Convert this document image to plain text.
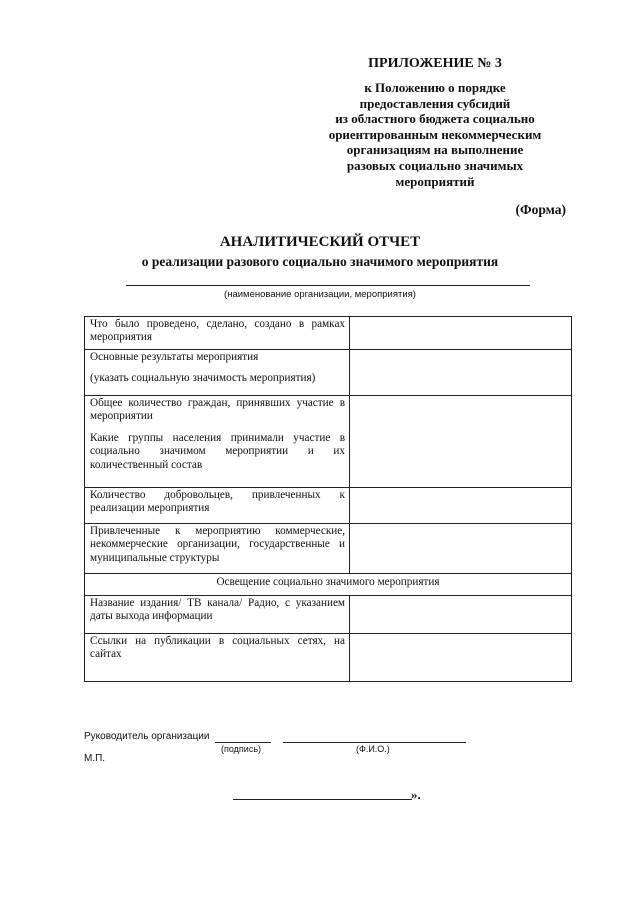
ПРИЛОЖЕНИЕ № 3
к Положению о порядке
предоставления субсидий
из областного бюджета социально
ориентированным некоммерческим
организациям на выполнение
разовых социально значимых
мероприятий
(Форма)
АНАЛИТИЧЕСКИЙ ОТЧЕТ
о реализации разового социально значимого мероприятия
(наименование организации, мероприятия)
Что было проведено, сделано, создано в рамках мероприятия	

Основные результаты мероприятия
(указать социальную значимость мероприятия)	

Общее количество граждан, принявших участие в мероприятии
Какие группы населения принимали участие в социально значимом мероприятии и их количественный состав	

Количество добровольцев, привлеченных к реализации мероприятия	
Привлеченные к мероприятию коммерческие, некоммерческие организации, государственные и муниципальные структуры	
Освещение социально значимого мероприятия	
Название издания/ ТВ канала/ Радио, с указанием даты выхода информации	
Ссылки на публикации в социальных сетях, на сайтах	
Руководитель организации
(подпись)	(Ф.И.О.)
М.П.
».
